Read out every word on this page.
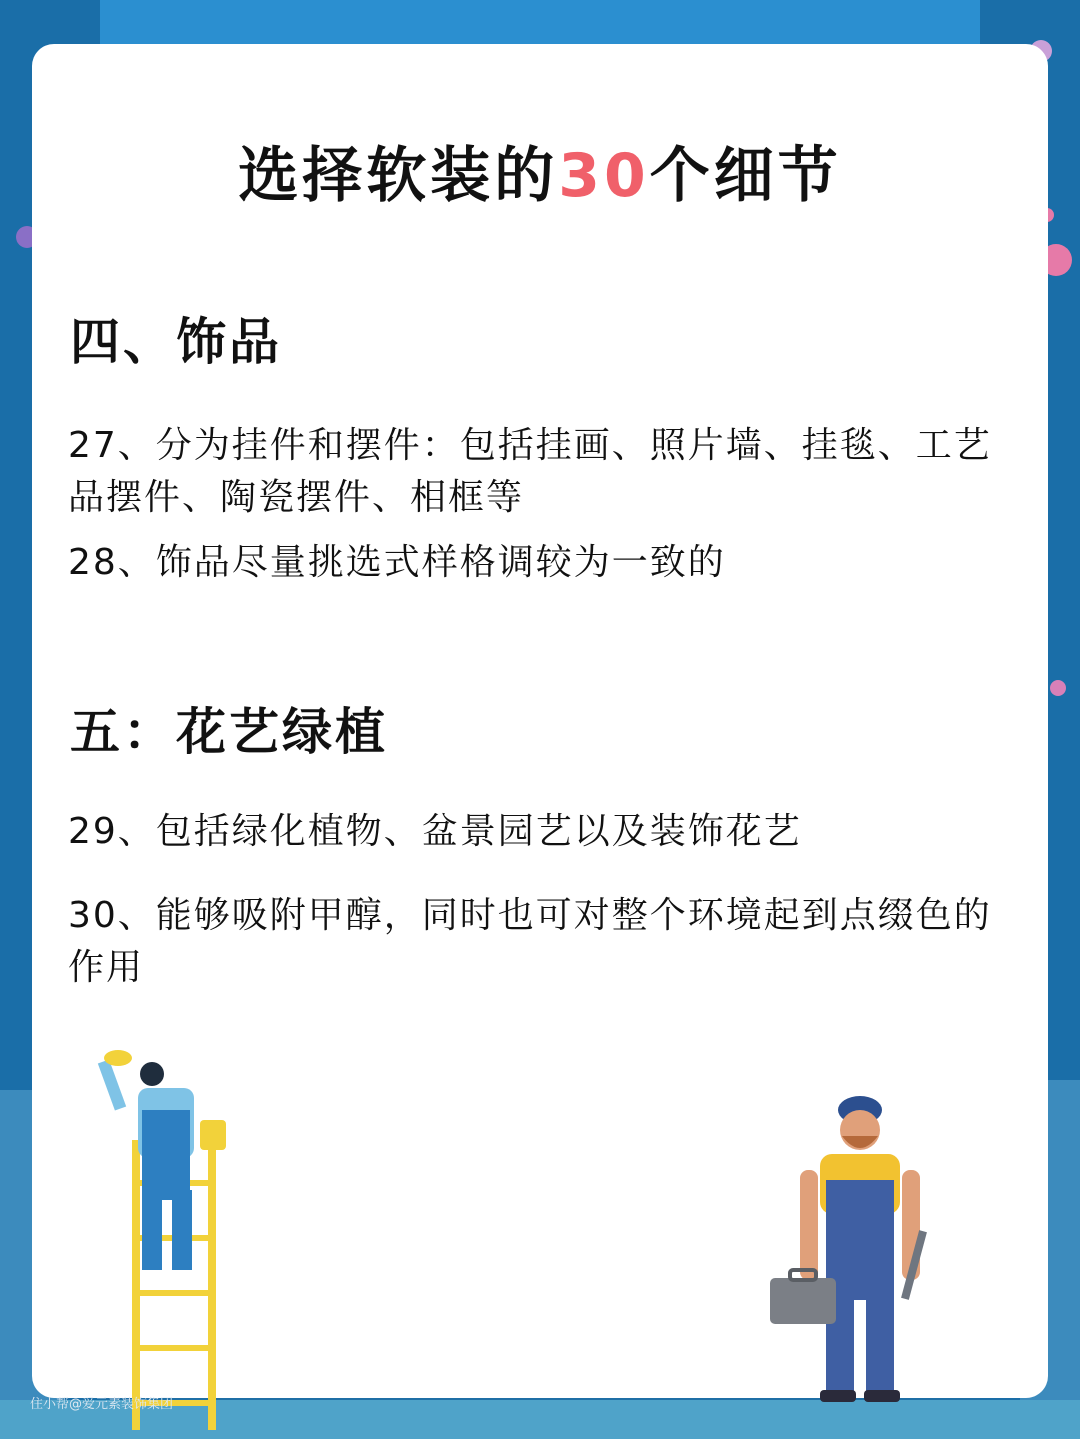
选择软装的30个细节
四、饰品
27、分为挂件和摆件：包括挂画、照片墙、挂毯、工艺品摆件、陶瓷摆件、相框等
28、饰品尽量挑选式样格调较为一致的
五：花艺绿植
29、包括绿化植物、盆景园艺以及装饰花艺
30、能够吸附甲醇，同时也可对整个环境起到点缀色的作用
住小帮@爱元素装饰集团
